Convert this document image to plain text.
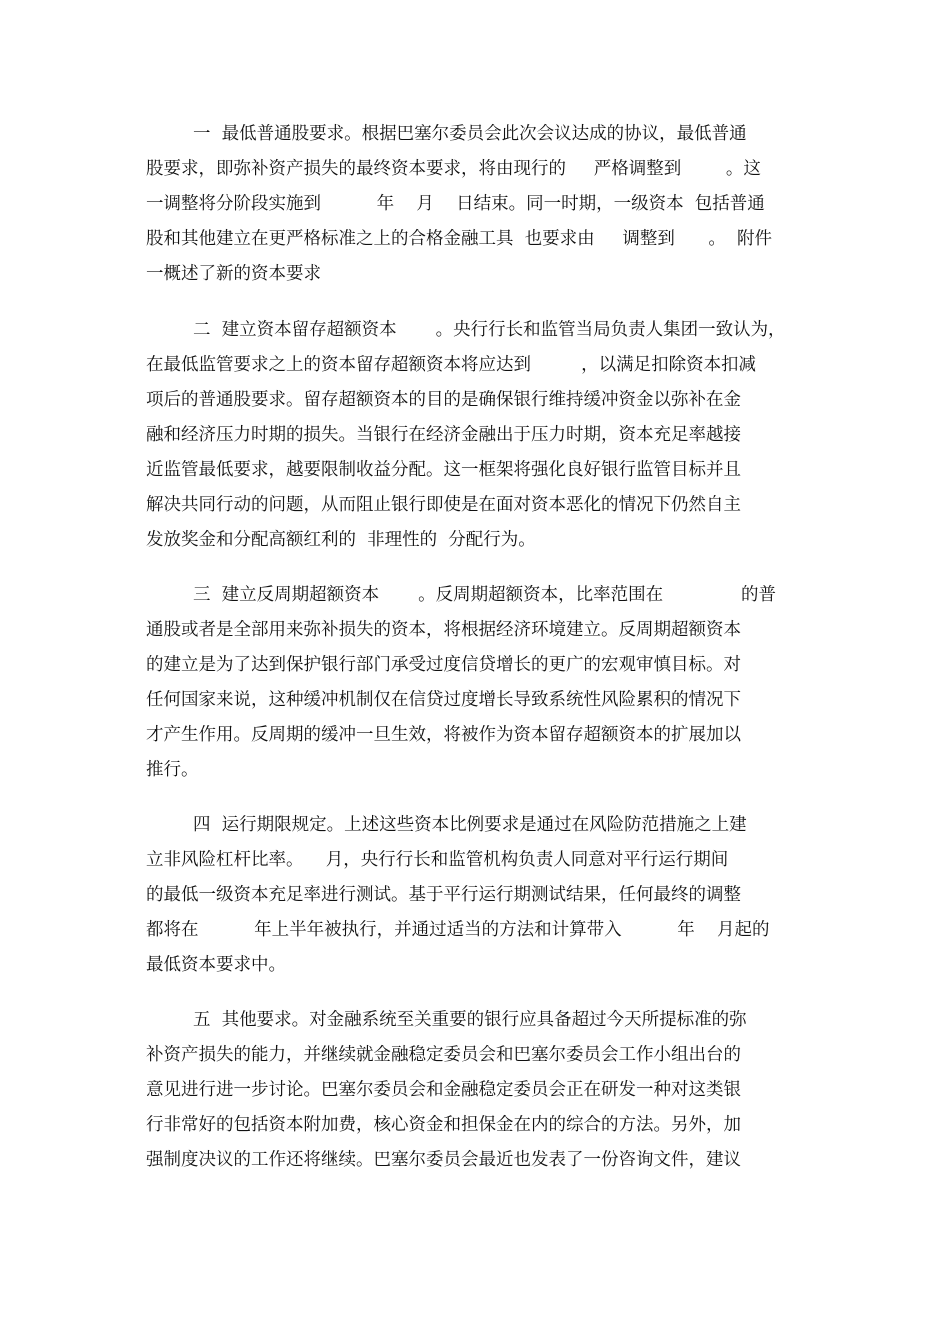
一  最低普通股要求。根据巴塞尔委员会此次会议达成的协议，最低普通
股要求，即弥补资产损失的最终资本要求，将由现行的     严格调整到        。这
一调整将分阶段实施到          年    月    日结束。同一时期，一级资本  包括普通
股和其他建立在更严格标准之上的合格金融工具  也要求由     调整到      。  附件
一概述了新的资本要求
二  建立资本留存超额资本       。央行行长和监管当局负责人集团一致认为，
在最低监管要求之上的资本留存超额资本将应达到         ，以满足扣除资本扣减
项后的普通股要求。留存超额资本的目的是确保银行维持缓冲资金以弥补在金
融和经济压力时期的损失。当银行在经济金融出于压力时期，资本充足率越接
近监管最低要求，越要限制收益分配。这一框架将强化良好银行监管目标并且
解决共同行动的问题，从而阻止银行即使是在面对资本恶化的情况下仍然自主
发放奖金和分配高额红利的  非理性的  分配行为。
三  建立反周期超额资本       。反周期超额资本，比率范围在              的普
通股或者是全部用来弥补损失的资本，将根据经济环境建立。反周期超额资本
的建立是为了达到保护银行部门承受过度信贷增长的更广的宏观审慎目标。对
任何国家来说，这种缓冲机制仅在信贷过度增长导致系统性风险累积的情况下
才产生作用。反周期的缓冲一旦生效，将被作为资本留存超额资本的扩展加以
推行。
四  运行期限规定。上述这些资本比例要求是通过在风险防范措施之上建
立非风险杠杆比率。    月，央行行长和监管机构负责人同意对平行运行期间
的最低一级资本充足率进行测试。基于平行运行期测试结果，任何最终的调整
都将在          年上半年被执行，并通过适当的方法和计算带入          年    月起的
最低资本要求中。
五  其他要求。对金融系统至关重要的银行应具备超过今天所提标准的弥
补资产损失的能力，并继续就金融稳定委员会和巴塞尔委员会工作小组出台的
意见进行进一步讨论。巴塞尔委员会和金融稳定委员会正在研发一种对这类银
行非常好的包括资本附加费，核心资金和担保金在内的综合的方法。另外，加
强制度决议的工作还将继续。巴塞尔委员会最近也发表了一份咨询文件，建议
